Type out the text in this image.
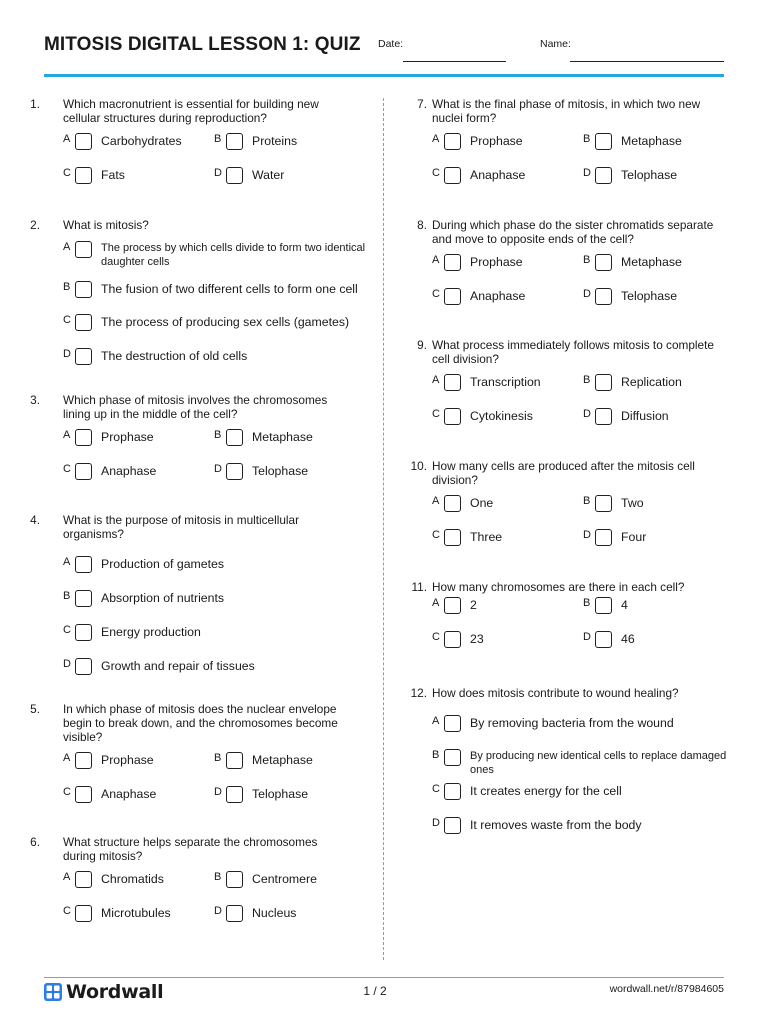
MITOSIS DIGITAL LESSON 1: QUIZ Date:	Name:
1. Which macronutrient is essential for building new cellular structures during reproduction?
A	Carbohydrates	B	Proteins
C	Fats	D	Water
2. What is mitosis?
A	The process by which cells divide to form two identical daughter cells
B	The fusion of two different cells to form one cell
C	The process of producing sex cells (gametes)
D	The destruction of old cells
3. Which phase of mitosis involves the chromosomes lining up in the middle of the cell?
A	Prophase	B	Metaphase
C	Anaphase	D	Telophase
4. What is the purpose of mitosis in multicellular organisms?
A	Production of gametes
B	Absorption of nutrients
C	Energy production
D	Growth and repair of tissues
5. In which phase of mitosis does the nuclear envelope begin to break down, and the chromosomes become visible?
A	Prophase	B	Metaphase
C	Anaphase	D	Telophase
6. What structure helps separate the chromosomes during mitosis?
A	Chromatids	B	Centromere
C	Microtubules	D	Nucleus
7. What is the final phase of mitosis, in which two new nuclei form?
A	Prophase	B	Metaphase
C	Anaphase	D	Telophase
8. During which phase do the sister chromatids separate and move to opposite ends of the cell?
A	Prophase	B	Metaphase
C	Anaphase	D	Telophase
9. What process immediately follows mitosis to complete cell division?
A	Transcription	B	Replication
C	Cytokinesis	D	Diffusion
10. How many cells are produced after the mitosis cell division?
A	One	B	Two
C	Three	D	Four
11. How many chromosomes are there in each cell?
A	2	B	4
C	23	D	46
12. How does mitosis contribute to wound healing?
A	By removing bacteria from the wound
B	By producing new identical cells to replace damaged ones
C	It creates energy for the cell
D	It removes waste from the body
Wordwall	1 / 2	wordwall.net/r/87984605
